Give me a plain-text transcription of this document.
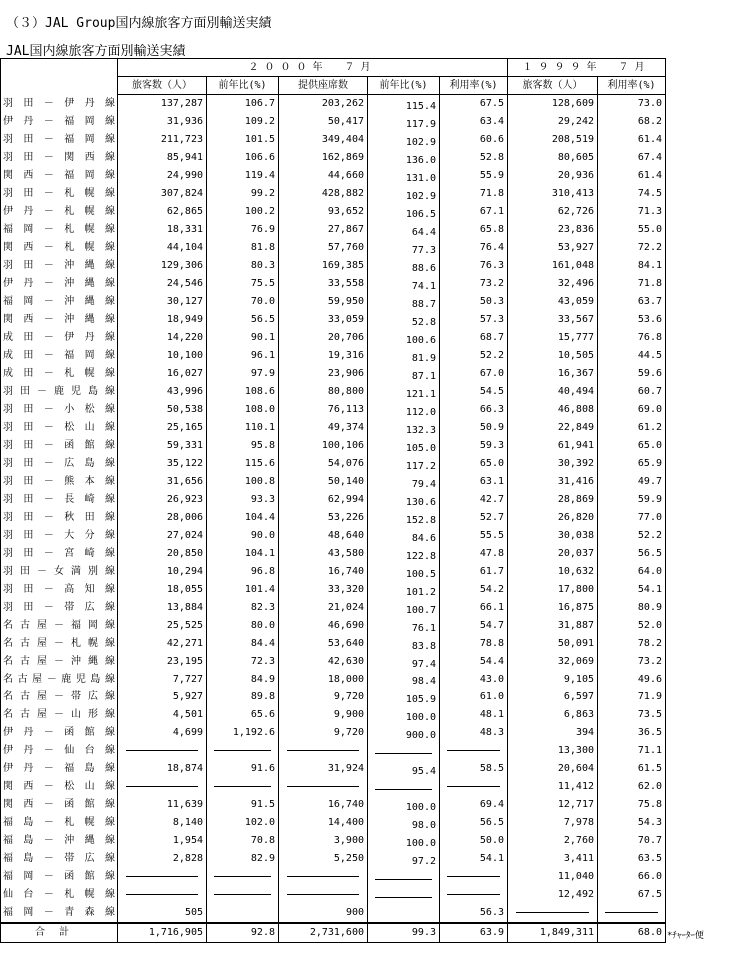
（３）JAL Group国内線旅客方面別輸送実績
JAL国内線旅客方面別輸送実績
	２０００年　７月					１９９９年　７月	
	旅客数（人）	前年比(%)	提供座席数	前年比(%)	利用率(%)	旅客数（人）	利用率(%)
羽田－伊丹線	137,287	106.7	203,262	115.4	67.5	128,609	73.0
伊丹－福岡線	31,936	109.2	50,417	117.9	63.4	29,242	68.2
羽田－福岡線	211,723	101.5	349,404	102.9	60.6	208,519	61.4
羽田－関西線	85,941	106.6	162,869	136.0	52.8	80,605	67.4
関西－福岡線	24,990	119.4	44,660	131.0	55.9	20,936	61.4
羽田－札幌線	307,824	99.2	428,882	102.9	71.8	310,413	74.5
伊丹－札幌線	62,865	100.2	93,652	106.5	67.1	62,726	71.3
福岡－札幌線	18,331	76.9	27,867	64.4	65.8	23,836	55.0
関西－札幌線	44,104	81.8	57,760	77.3	76.4	53,927	72.2
羽田－沖縄線	129,306	80.3	169,385	88.6	76.3	161,048	84.1
伊丹－沖縄線	24,546	75.5	33,558	74.1	73.2	32,496	71.8
福岡－沖縄線	30,127	70.0	59,950	88.7	50.3	43,059	63.7
関西－沖縄線	18,949	56.5	33,059	52.8	57.3	33,567	53.6
成田－伊丹線	14,220	90.1	20,706	100.6	68.7	15,777	76.8
成田－福岡線	10,100	96.1	19,316	81.9	52.2	10,505	44.5
成田－札幌線	16,027	97.9	23,906	87.1	67.0	16,367	59.6
羽田－鹿児島線	43,996	108.6	80,800	121.1	54.5	40,494	60.7
羽田－小松線	50,538	108.0	76,113	112.0	66.3	46,808	69.0
羽田－松山線	25,165	110.1	49,374	132.3	50.9	22,849	61.2
羽田－函館線	59,331	95.8	100,106	105.0	59.3	61,941	65.0
羽田－広島線	35,122	115.6	54,076	117.2	65.0	30,392	65.9
羽田－熊本線	31,656	100.8	50,140	79.4	63.1	31,416	49.7
羽田－長崎線	26,923	93.3	62,994	130.6	42.7	28,869	59.9
羽田－秋田線	28,006	104.4	53,226	152.8	52.7	26,820	77.0
羽田－大分線	27,024	90.0	48,640	84.6	55.5	30,038	52.2
羽田－宮崎線	20,850	104.1	43,580	122.8	47.8	20,037	56.5
羽田－女満別線	10,294	96.8	16,740	100.5	61.7	10,632	64.0
羽田－高知線	18,055	101.4	33,320	101.2	54.2	17,800	54.1
羽田－帯広線	13,884	82.3	21,024	100.7	66.1	16,875	80.9
名古屋－福岡線	25,525	80.0	46,690	76.1	54.7	31,887	52.0
名古屋－札幌線	42,271	84.4	53,640	83.8	78.8	50,091	78.2
名古屋－沖縄線	23,195	72.3	42,630	97.4	54.4	32,069	73.2
名古屋－鹿児島線	7,727	84.9	18,000	98.4	43.0	9,105	49.6
名古屋－帯広線	5,927	89.8	9,720	105.9	61.0	6,597	71.9
名古屋－山形線	4,501	65.6	9,900	100.0	48.1	6,863	73.5
伊丹－函館線	4,699	1,192.6	9,720	900.0	48.3	394	36.5
伊丹－仙台線						13,300	71.1
伊丹－福島線	18,874	91.6	31,924	95.4	58.5	20,604	61.5
関西－松山線						11,412	62.0
関西－函館線	11,639	91.5	16,740	100.0	69.4	12,717	75.8
福島－札幌線	8,140	102.0	14,400	98.0	56.5	7,978	54.3
福島－沖縄線	1,954	70.8	3,900	100.0	50.0	2,760	70.7
福島－帯広線	2,828	82.9	5,250	97.2	54.1	3,411	63.5
福岡－函館線						11,040	66.0
仙台－札幌線						12,492	67.5
福岡－青森線	505		900		56.3		
合計	1,716,905	92.8	2,731,600	99.3	63.9	1,849,311	68.0 *ﾁｬｰﾀｰ便
